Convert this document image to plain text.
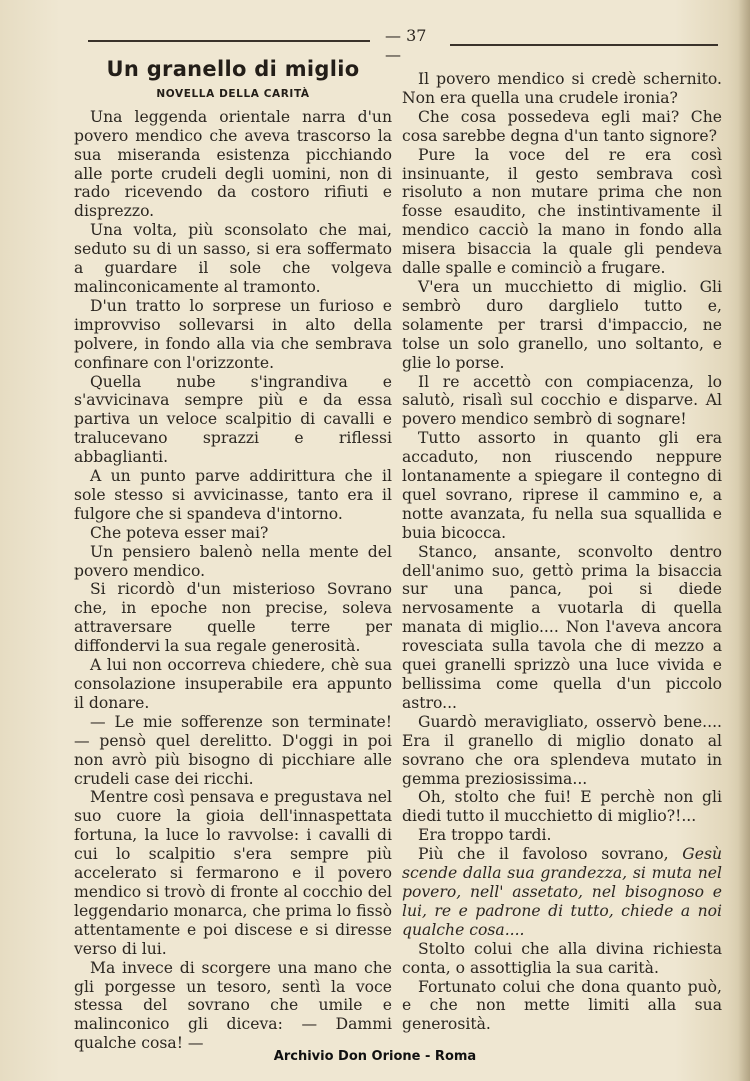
— 37 —
Un granello di miglio
NOVELLA DELLA CARITÀ

Una leggenda orientale narra d'un povero mendico che aveva trascorso la sua miseranda esistenza picchiando alle porte crudeli degli uomini, non di rado ricevendo da costoro rifiuti e disprezzo.

Una volta, più sconsolato che mai, seduto su di un sasso, si era soffermato a guardare il sole che volgeva malinconicamente al tramonto.

D'un tratto lo sorprese un furioso e improvviso sollevarsi in alto della polvere, in fondo alla via che sembrava confinare con l'orizzonte.

Quella nube s'ingrandiva e s'avvicinava sempre più e da essa partiva un veloce scalpitio di cavalli e tralucevano sprazzi e riflessi abbaglianti.

A un punto parve addirittura che il sole stesso si avvicinasse, tanto era il fulgore che si spandeva d'intorno.

Che poteva esser mai?

Un pensiero balenò nella mente del povero mendico.

Si ricordò d'un misterioso Sovrano che, in epoche non precise, soleva attraversare quelle terre per diffondervi la sua regale generosità.

A lui non occorreva chiedere, chè sua consolazione insuperabile era appunto il donare.

— Le mie sofferenze son terminate! — pensò quel derelitto. D'oggi in poi non avrò più bisogno di picchiare alle crudeli case dei ricchi.

Mentre così pensava e pregustava nel suo cuore la gioia dell'innaspettata fortuna, la luce lo ravvolse: i cavalli di cui lo scalpitio s'era sempre più accelerato si fermarono e il povero mendico si trovò di fronte al cocchio del leggendario monarca, che prima lo fissò attentamente e poi discese e si diresse verso di lui.

Ma invece di scorgere una mano che gli porgesse un tesoro, sentì la voce stessa del sovrano che umile e malinconico gli diceva: — Dammi qualche cosa! —

Il povero mendico si credè schernito. Non era quella una crudele ironia?

Che cosa possedeva egli mai? Che cosa sarebbe degna d'un tanto signore?

Pure la voce del re era così insinuante, il gesto sembrava così risoluto a non mutare prima che non fosse esaudito, che instintivamente il mendico cacciò la mano in fondo alla misera bisaccia la quale gli pendeva dalle spalle e cominciò a frugare.

V'era un mucchietto di miglio. Gli sembrò duro darglielo tutto e, solamente per trarsi d'impaccio, ne tolse un solo granello, uno soltanto, e glie lo porse.

Il re accettò con compiacenza, lo salutò, risalì sul cocchio e disparve. Al povero mendico sembrò di sognare!

Tutto assorto in quanto gli era accaduto, non riuscendo neppure lontanamente a spiegare il contegno di quel sovrano, riprese il cammino e, a notte avanzata, fu nella sua squallida e buia bicocca.

Stanco, ansante, sconvolto dentro dell'animo suo, gettò prima la bisaccia sur una panca, poi si diede nervosamente a vuotarla di quella manata di miglio.... Non l'aveva ancora rovesciata sulla tavola che di mezzo a quei granelli sprizzò una luce vivida e bellissima come quella d'un piccolo astro...

Guardò meravigliato, osservò bene.... Era il granello di miglio donato al sovrano che ora splendeva mutato in gemma preziosissima...

Oh, stolto che fui! E perchè non gli diedi tutto il mucchietto di miglio?!...

Era troppo tardi.

Più che il favoloso sovrano, Gesù scende dalla sua grandezza, si muta nel povero, nell' assetato, nel bisognoso e lui, re e padrone di tutto, chiede a noi qualche cosa....

Stolto colui che alla divina richiesta conta, o assottiglia la sua carità.

Fortunato colui che dona quanto può, e che non mette limiti alla sua generosità.

Archivio Don Orione - Roma
